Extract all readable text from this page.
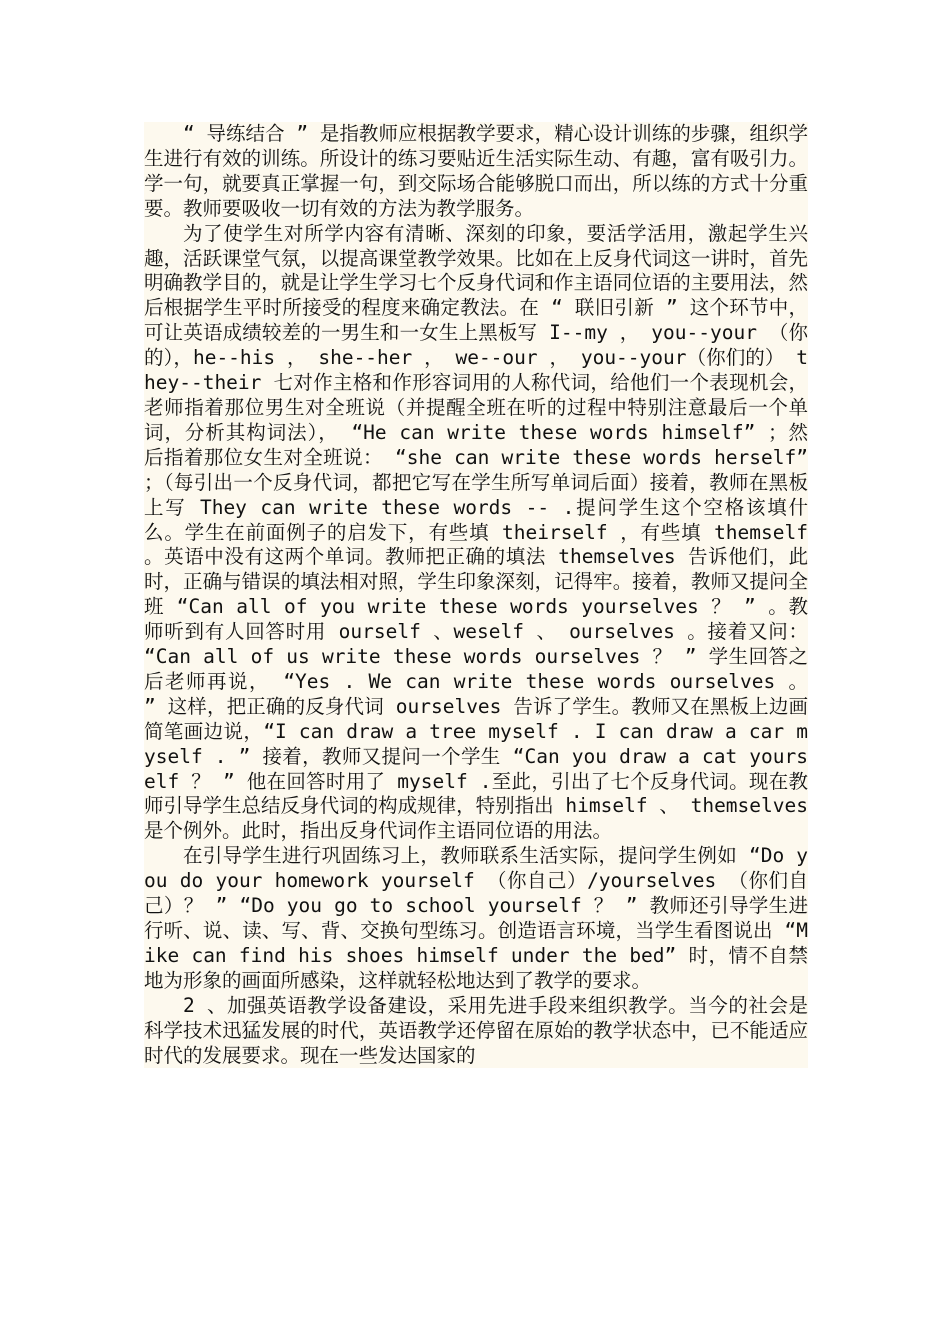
“ 导练结合 ” 是指教师应根据教学要求，精心设计训练的步骤，组织学生进行有效的训练。所设计的练习要贴近生活实际生动、有趣，富有吸引力。学一句，就要真正掌握一句，到交际场合能够脱口而出，所以练的方式十分重要。教师要吸收一切有效的方法为教学服务。

为了使学生对所学内容有清晰、深刻的印象，要活学活用，激起学生兴趣，活跃课堂气氛，以提高课堂教学效果。比如在上反身代词这一讲时，首先明确教学目的，就是让学生学习七个反身代词和作主语同位语的主要用法，然后根据学生平时所接受的程度来确定教法。在 “ 联旧引新 ” 这个环节中，可让英语成绩较差的一男生和一女生上黑板写 I--my ， you--your （你的），he--his ， she--her ， we--our ， you--your（你们的） they--their 七对作主格和作形容词用的人称代词，给他们一个表现机会，老师指着那位男生对全班说（并提醒全班在听的过程中特别注意最后一个单词，分析其构词法）， “He can write these words himself” ；然后指着那位女生对全班说： “she can write these words herself” ；（每引出一个反身代词，都把它写在学生所写单词后面）接着，教师在黑板上写 They can write these words -- .提问学生这个空格该填什么。学生在前面例子的启发下，有些填 theirself ，有些填 themself 。英语中没有这两个单词。教师把正确的填法 themselves 告诉他们，此时，正确与错误的填法相对照，学生印象深刻，记得牢。接着，教师又提问全班 “Can all of you write these words yourselves ？ ” 。教师听到有人回答时用 ourself 、weself 、 ourselves 。接着又问： “Can all of us write these words ourselves ？ ” 学生回答之后老师再说， “Yes . We can write these words ourselves 。 ” 这样，把正确的反身代词 ourselves 告诉了学生。教师又在黑板上边画简笔画边说，“I can draw a tree myself . I can draw a car myself . ” 接着，教师又提问一个学生 “Can you draw a cat yourself ？ ” 他在回答时用了 myself .至此，引出了七个反身代词。现在教师引导学生总结反身代词的构成规律，特别指出 himself 、 themselves 是个例外。此时，指出反身代词作主语同位语的用法。

在引导学生进行巩固练习上，教师联系生活实际，提问学生例如 “Do you do your homework yourself （你自己）/yourselves （你们自己）？ ” “Do you go to school yourself ？ ” 教师还引导学生进行听、说、读、写、背、交换句型练习。创造语言环境，当学生看图说出 “Mike can find his shoes himself under the bed” 时，情不自禁地为形象的画面所感染，这样就轻松地达到了教学的要求。

2 、加强英语教学设备建设，采用先进手段来组织教学。当今的社会是科学技术迅猛发展的时代，英语教学还停留在原始的教学状态中，已不能适应时代的发展要求。现在一些发达国家的
